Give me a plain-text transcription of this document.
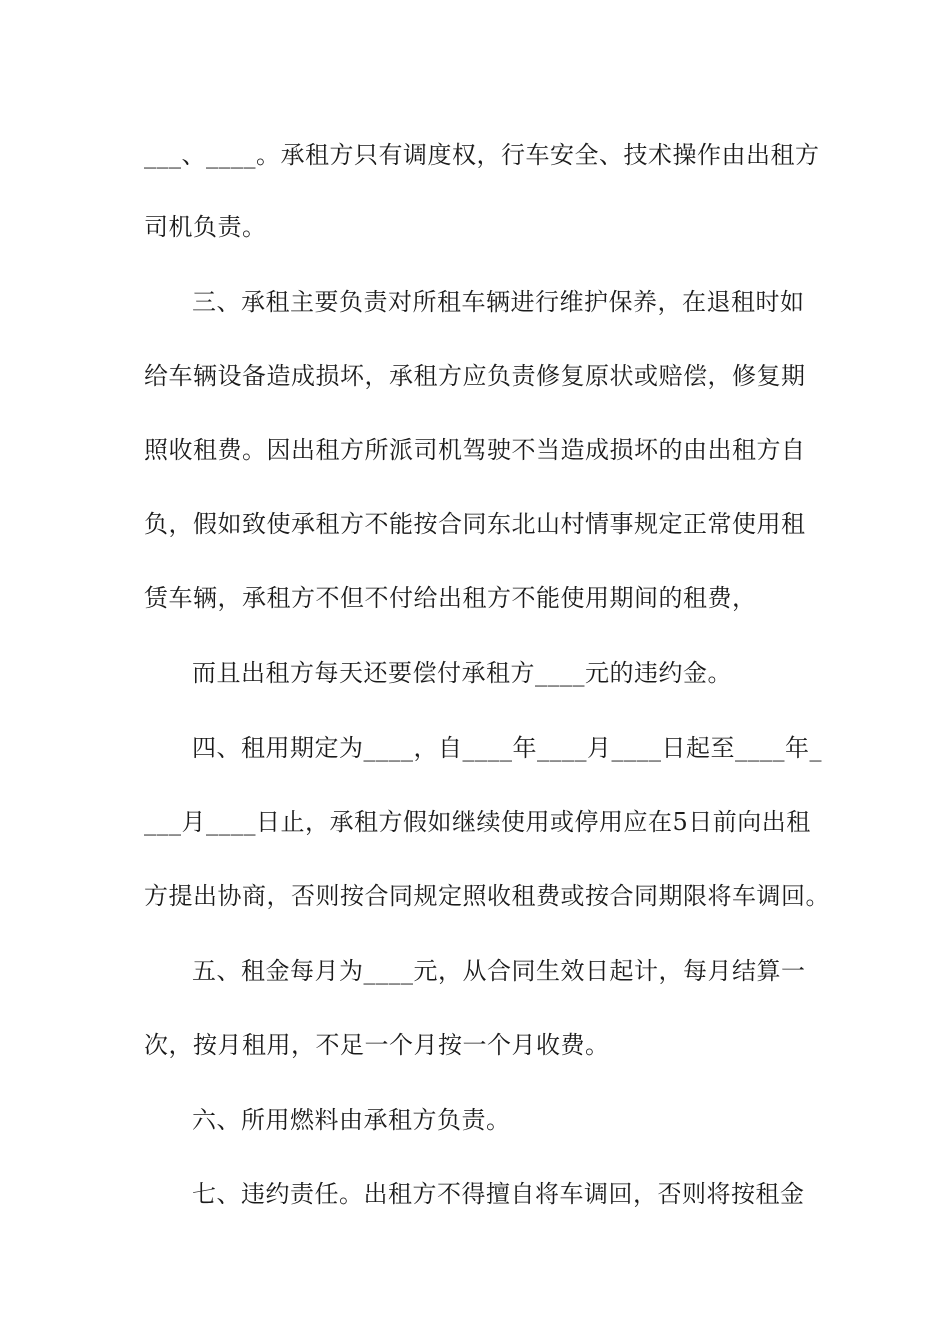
___、____。承租方只有调度权，行车安全、技术操作由出租方
司机负责。
三、承租主要负责对所租车辆进行维护保养，在退租时如
给车辆设备造成损坏，承租方应负责修复原状或赔偿，修复期
照收租费。因出租方所派司机驾驶不当造成损坏的由出租方自
负，假如致使承租方不能按合同东北山村情事规定正常使用租
赁车辆，承租方不但不付给出租方不能使用期间的租费，
而且出租方每天还要偿付承租方____元的违约金。
四、租用期定为____，自____年____月____日起至____年_
___月____日止，承租方假如继续使用或停用应在5日前向出租
方提出协商，否则按合同规定照收租费或按合同期限将车调回。
五、租金每月为____元，从合同生效日起计，每月结算一
次，按月租用，不足一个月按一个月收费。
六、所用燃料由承租方负责。
七、违约责任。出租方不得擅自将车调回，否则将按租金
